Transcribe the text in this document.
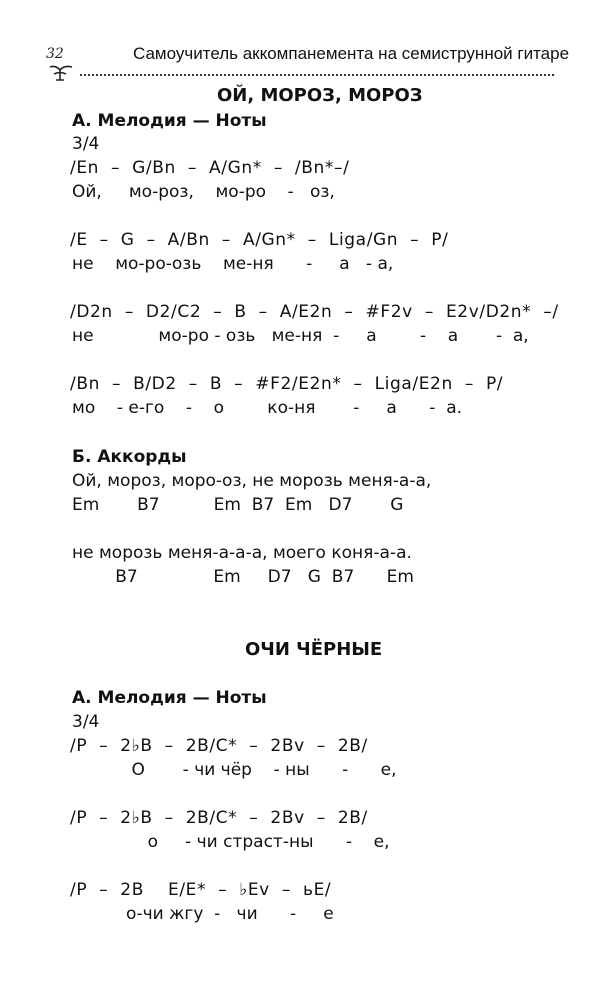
32	Самоучитель аккомпанемента на семиструнной гитаре
ОЙ, МОРОЗ, МОРОЗ
А. Мелодия — Ноты
3/4
/En  –  G/Bn  –  A/Gn*  –  /Bn*–/
Ой,     мо-роз,    мо-ро    -   оз,
/E  –  G  –  A/Bn  –  A/Gn*  –  Liga/Gn  –  P/
не    мо-ро-озь    ме-ня      -     а   - а,
/D2n  –  D2/C2  –  B  –  A/E2n  –  #F2v  –  E2v/D2n*  –/
не            мо-ро - озь   ме-ня  -     а        -    а       -  а,
/Bn  –  B/D2  –  B  –  #F2/E2n*  –  Liga/E2n  –  P/
мо    - е-го    -    о        ко-ня       -     а      -  а.
Б. Аккорды
Ой, мороз, моро-оз, не морозь меня-а-а,
Em       B7          Em  B7  Em   D7       G
не морозь меня-а-а-а, моего коня-а-а.
B7              Em     D7   G  B7      Em
ОЧИ ЧЁРНЫЕ
А. Мелодия — Ноты
3/4
/P  –  2♭B  –  2B/C*  –  2Bv  –  2B/
О       - чи чёр    - ны      -      е,
/P  –  2♭B  –  2B/C*  –  2Bv  –  2B/
о     - чи страст-ны      -    е,
/P  –  2B    E/E*  –  ♭Ev  –  ьE/
о-чи жгу  -   чи      -     е
